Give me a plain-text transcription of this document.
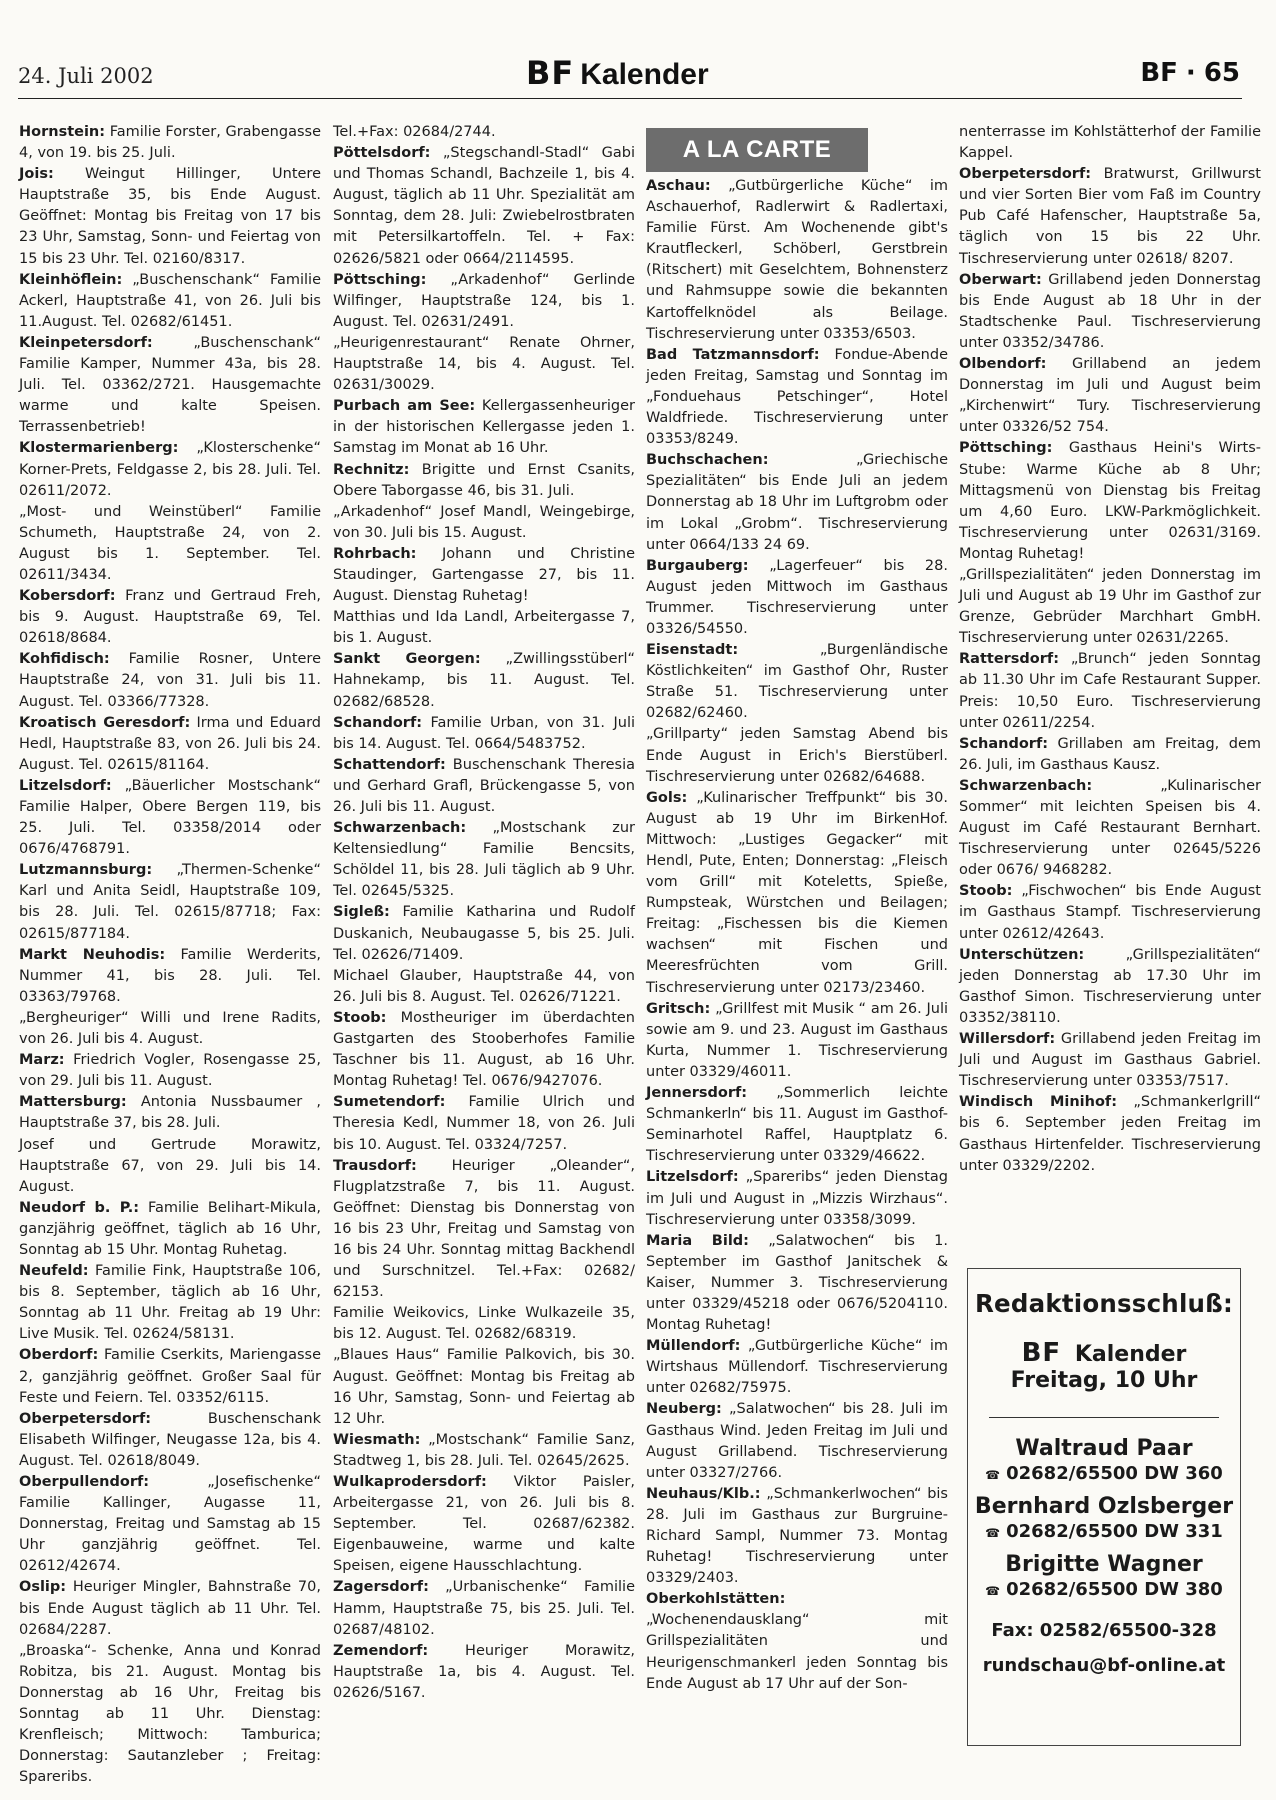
24. Juli 2002	BF Kalender	BF · 65

Hornstein: Familie Forster, Grabengasse 4, von 19. bis 25. Juli.

Jois: Weingut Hillinger, Untere Hauptstraße 35, bis Ende August. Geöffnet: Montag bis Freitag von 17 bis 23 Uhr, Samstag, Sonn- und Feiertag von 15 bis 23 Uhr. Tel. 02160/8317.

Kleinhöflein: „Buschenschank“ Familie Ackerl, Hauptstraße 41, von 26. Juli bis 11.August. Tel. 02682/61451.

Kleinpetersdorf: „Buschenschank“ Familie Kamper, Nummer 43a, bis 28. Juli. Tel. 03362/2721. Hausgemachte warme und kalte Speisen. Terrassenbetrieb!

Klostermarienberg: „Klosterschenke“ Korner-Prets, Feldgasse 2, bis 28. Juli. Tel. 02611/2072.

„Most- und Weinstüberl“ Familie Schumeth, Hauptstraße 24, von 2. August bis 1. September. Tel. 02611/3434.

Kobersdorf: Franz und Gertraud Freh, bis 9. August. Hauptstraße 69, Tel. 02618/8684.

Kohfidisch: Familie Rosner, Untere Hauptstraße 24, von 31. Juli bis 11. August. Tel. 03366/77328.

Kroatisch Geresdorf: Irma und Eduard Hedl, Hauptstraße 83, von 26. Juli bis 24. August. Tel. 02615/81164.

Litzelsdorf: „Bäuerlicher Mostschank“ Familie Halper, Obere Bergen 119, bis 25. Juli. Tel. 03358/2014 oder 0676/4768791.

Lutzmannsburg: „Thermen-Schenke“ Karl und Anita Seidl, Hauptstraße 109, bis 28. Juli. Tel. 02615/87718; Fax: 02615/877184.

Markt Neuhodis: Familie Werderits, Nummer 41, bis 28. Juli. Tel. 03363/79768.

„Bergheuriger“ Willi und Irene Radits, von 26. Juli bis 4. August.

Marz: Friedrich Vogler, Rosengasse 25, von 29. Juli bis 11. August.

Mattersburg: Antonia Nussbaumer , Hauptstraße 37, bis 28. Juli.

Josef und Gertrude Morawitz, Hauptstraße 67, von 29. Juli bis 14. August.

Neudorf b. P.: Familie Belihart-Mikula, ganzjährig geöffnet, täglich ab 16 Uhr, Sonntag ab 15 Uhr. Montag Ruhetag.

Neufeld: Familie Fink, Hauptstraße 106, bis 8. September, täglich ab 16 Uhr, Sonntag ab 11 Uhr. Freitag ab 19 Uhr: Live Musik. Tel. 02624/58131.

Oberdorf: Familie Cserkits, Mariengasse 2, ganzjährig geöffnet. Großer Saal für Feste und Feiern. Tel. 03352/6115.

Oberpetersdorf: Buschenschank Elisabeth Wilfinger, Neugasse 12a, bis 4. August. Tel. 02618/8049.

Oberpullendorf: „Josefischenke“ Familie Kallinger, Augasse 11, Donnerstag, Freitag und Samstag ab 15 Uhr ganzjährig geöffnet. Tel. 02612/42674.

Oslip: Heuriger Mingler, Bahnstraße 70, bis Ende August täglich ab 11 Uhr. Tel. 02684/2287.

„Broaska“- Schenke, Anna und Konrad Robitza, bis 21. August. Montag bis Donnerstag ab 16 Uhr, Freitag bis Sonntag ab 11 Uhr. Dienstag: Krenfleisch; Mittwoch: Tamburica; Donnerstag: Sautanzleber ; Freitag: Spareribs.

Tel.+Fax: 02684/2744.

Pöttelsdorf: „Stegschandl-Stadl“ Gabi und Thomas Schandl, Bachzeile 1, bis 4. August, täglich ab 11 Uhr. Spezialität am Sonntag, dem 28. Juli: Zwiebelrostbraten mit Petersilkartoffeln. Tel. + Fax: 02626/5821 oder 0664/2114595.

Pöttsching: „Arkadenhof“ Gerlinde Wilfinger, Hauptstraße 124, bis 1. August. Tel. 02631/2491.

„Heurigenrestaurant“ Renate Ohrner, Hauptstraße 14, bis 4. August. Tel. 02631/30029.

Purbach am See: Kellergassenheuriger in der historischen Kellergasse jeden 1. Samstag im Monat ab 16 Uhr.

Rechnitz: Brigitte und Ernst Csanits, Obere Taborgasse 46, bis 31. Juli.

„Arkadenhof“ Josef Mandl, Weingebirge, von 30. Juli bis 15. August.

Rohrbach: Johann und Christine Staudinger, Gartengasse 27, bis 11. August. Dienstag Ruhetag!

Matthias und Ida Landl, Arbeitergasse 7, bis 1. August.

Sankt Georgen: „Zwillingsstüberl“ Hahnekamp, bis 11. August. Tel. 02682/68528.

Schandorf: Familie Urban, von 31. Juli bis 14. August. Tel. 0664/5483752.

Schattendorf: Buschenschank Theresia und Gerhard Grafl, Brückengasse 5, von 26. Juli bis 11. August.

Schwarzenbach: „Mostschank zur Keltensiedlung“ Familie Bencsits, Schöldel 11, bis 28. Juli täglich ab 9 Uhr. Tel. 02645/5325.

Sigleß: Familie Katharina und Rudolf Duskanich, Neubaugasse 5, bis 25. Juli. Tel. 02626/71409.

Michael Glauber, Hauptstraße 44, von 26. Juli bis 8. August. Tel. 02626/71221.

Stoob: Mostheuriger im überdachten Gastgarten des Stooberhofes Familie Taschner bis 11. August, ab 16 Uhr. Montag Ruhetag! Tel. 0676/9427076.

Sumetendorf: Familie Ulrich und Theresia Kedl, Nummer 18, von 26. Juli bis 10. August. Tel. 03324/7257.

Trausdorf: Heuriger „Oleander“, Flugplatzstraße 7, bis 11. August. Geöffnet: Dienstag bis Donnerstag von 16 bis 23 Uhr, Freitag und Samstag von 16 bis 24 Uhr. Sonntag mittag Backhendl und Surschnitzel. Tel.+Fax: 02682/ 62153.

Familie Weikovics, Linke Wulkazeile 35, bis 12. August. Tel. 02682/68319.

„Blaues Haus“ Familie Palkovich, bis 30. August. Geöffnet: Montag bis Freitag ab 16 Uhr, Samstag, Sonn- und Feiertag ab 12 Uhr.

Wiesmath: „Mostschank“ Familie Sanz, Stadtweg 1, bis 28. Juli. Tel. 02645/2625.

Wulkaprodersdorf: Viktor Paisler, Arbeitergasse 21, von 26. Juli bis 8. September. Tel. 02687/62382. Eigenbauweine, warme und kalte Speisen, eigene Hausschlachtung.

Zagersdorf: „Urbanischenke“ Familie Hamm, Hauptstraße 75, bis 25. Juli. Tel. 02687/48102.

Zemendorf: Heuriger Morawitz, Hauptstraße 1a, bis 4. August. Tel. 02626/5167.

A LA CARTE

Aschau: „Gutbürgerliche Küche“ im Aschauerhof, Radlerwirt & Radlertaxi, Familie Fürst. Am Wochenende gibt's Krautfleckerl, Schöberl, Gerstbrein (Ritschert) mit Geselchtem, Bohnensterz und Rahmsuppe sowie die bekannten Kartoffelknödel als Beilage. Tischreservierung unter 03353/6503.

Bad Tatzmannsdorf: Fondue-Abende jeden Freitag, Samstag und Sonntag im „Fonduehaus Petschinger“, Hotel Waldfriede. Tischreservierung unter 03353/8249.

Buchschachen: „Griechische Spezialitäten“ bis Ende Juli an jedem Donnerstag ab 18 Uhr im Luftgrobm oder im Lokal „Grobm“. Tischreservierung unter 0664/133 24 69.

Burgauberg: „Lagerfeuer“ bis 28. August jeden Mittwoch im Gasthaus Trummer. Tischreservierung unter 03326/54550.

Eisenstadt: „Burgenländische Köstlichkeiten“ im Gasthof Ohr, Ruster Straße 51. Tischreservierung unter 02682/62460.

„Grillparty“ jeden Samstag Abend bis Ende August in Erich's Bierstüberl. Tischreservierung unter 02682/64688.

Gols: „Kulinarischer Treffpunkt“ bis 30. August ab 19 Uhr im BirkenHof. Mittwoch: „Lustiges Gegacker“ mit Hendl, Pute, Enten; Donnerstag: „Fleisch vom Grill“ mit Koteletts, Spieße, Rumpsteak, Würstchen und Beilagen; Freitag: „Fischessen bis die Kiemen wachsen“ mit Fischen und Meeresfrüchten vom Grill. Tischreservierung unter 02173/23460.

Gritsch: „Grillfest mit Musik “ am 26. Juli sowie am 9. und 23. August im Gasthaus Kurta, Nummer 1. Tischreservierung unter 03329/46011.

Jennersdorf: „Sommerlich leichte Schmankerln“ bis 11. August im Gasthof-Seminarhotel Raffel, Hauptplatz 6. Tischreservierung unter 03329/46622.

Litzelsdorf: „Spareribs“ jeden Dienstag im Juli und August in „Mizzis Wirzhaus“. Tischreservierung unter 03358/3099.

Maria Bild: „Salatwochen“ bis 1. September im Gasthof Janitschek & Kaiser, Nummer 3. Tischreservierung unter 03329/45218 oder 0676/5204110. Montag Ruhetag!

Müllendorf: „Gutbürgerliche Küche“ im Wirtshaus Müllendorf. Tischreservierung unter 02682/75975.

Neuberg: „Salatwochen“ bis 28. Juli im Gasthaus Wind. Jeden Freitag im Juli und August Grillabend. Tischreservierung unter 03327/2766.

Neuhaus/Klb.: „Schmankerlwochen“ bis 28. Juli im Gasthaus zur Burgruine-Richard Sampl, Nummer 73. Montag Ruhetag! Tischreservierung unter 03329/2403.

Oberkohlstätten: „Wochenendausklang“ mit Grillspezialitäten und Heurigenschmankerl jeden Sonntag bis Ende August ab 17 Uhr auf der Son-

nenterrasse im Kohlstätterhof der Familie Kappel.

Oberpetersdorf: Bratwurst, Grillwurst und vier Sorten Bier vom Faß im Country Pub Café Hafenscher, Hauptstraße 5a, täglich von 15 bis 22 Uhr. Tischreservierung unter 02618/ 8207.

Oberwart: Grillabend jeden Donnerstag bis Ende August ab 18 Uhr in der Stadtschenke Paul. Tischreservierung unter 03352/34786.

Olbendorf: Grillabend an jedem Donnerstag im Juli und August beim „Kirchenwirt“ Tury. Tischreservierung unter 03326/52 754.

Pöttsching: Gasthaus Heini's Wirts-Stube: Warme Küche ab 8 Uhr; Mittagsmenü von Dienstag bis Freitag um 4,60 Euro. LKW-Parkmöglichkeit. Tischreservierung unter 02631/3169. Montag Ruhetag!

„Grillspezialitäten“ jeden Donnerstag im Juli und August ab 19 Uhr im Gasthof zur Grenze, Gebrüder Marchhart GmbH. Tischreservierung unter 02631/2265.

Rattersdorf: „Brunch“ jeden Sonntag ab 11.30 Uhr im Cafe Restaurant Supper. Preis: 10,50 Euro. Tischreservierung unter 02611/2254.

Schandorf: Grillaben am Freitag, dem 26. Juli, im Gasthaus Kausz.

Schwarzenbach: „Kulinarischer Sommer“ mit leichten Speisen bis 4. August im Café Restaurant Bernhart. Tischreservierung unter 02645/5226 oder 0676/ 9468282.

Stoob: „Fischwochen“ bis Ende August im Gasthaus Stampf. Tischreservierung unter 02612/42643.

Unterschützen: „Grillspezialitäten“ jeden Donnerstag ab 17.30 Uhr im Gasthof Simon. Tischreservierung unter 03352/38110.

Willersdorf: Grillabend jeden Freitag im Juli und August im Gasthaus Gabriel. Tischreservierung unter 03353/7517.

Windisch Minihof: „Schmankerlgrill“ bis 6. September jeden Freitag im Gasthaus Hirtenfelder. Tischreservierung unter 03329/2202.

Redaktionsschluß:
BF Kalender
Freitag, 10 Uhr
Waltraud Paar
☎ 02682/65500 DW 360
Bernhard Ozlsberger
☎ 02682/65500 DW 331
Brigitte Wagner
☎ 02682/65500 DW 380
Fax: 02582/65500-328
rundschau@bf-online.at
